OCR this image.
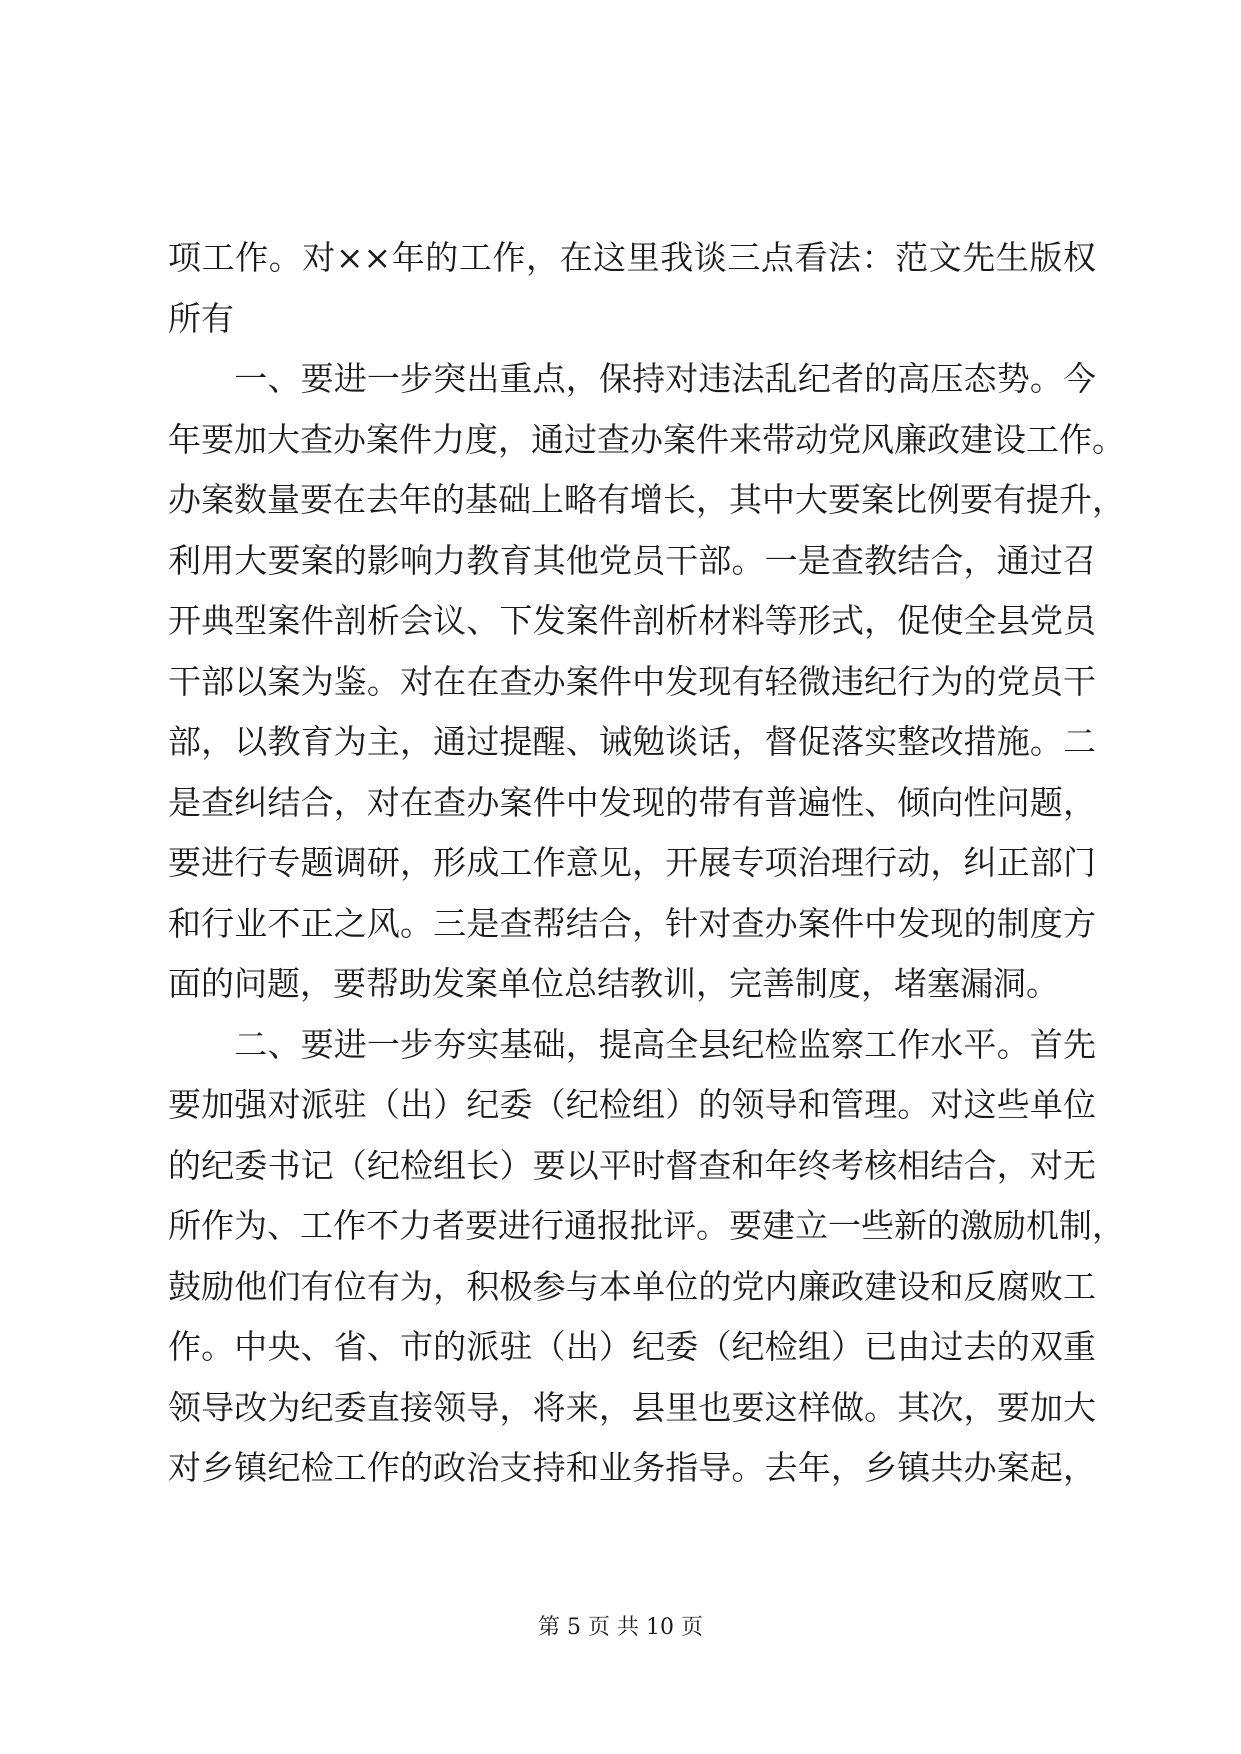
项工作。对××年的工作，在这里我谈三点看法：范文先生版权
所有
　　一、要进一步突出重点，保持对违法乱纪者的高压态势。今
年要加大查办案件力度，通过查办案件来带动党风廉政建设工作。
办案数量要在去年的基础上略有增长，其中大要案比例要有提升，
利用大要案的影响力教育其他党员干部。一是查教结合，通过召
开典型案件剖析会议、下发案件剖析材料等形式，促使全县党员
干部以案为鉴。对在在查办案件中发现有轻微违纪行为的党员干
部，以教育为主，通过提醒、诫勉谈话，督促落实整改措施。二
是查纠结合，对在查办案件中发现的带有普遍性、倾向性问题，
要进行专题调研，形成工作意见，开展专项治理行动，纠正部门
和行业不正之风。三是查帮结合，针对查办案件中发现的制度方
面的问题，要帮助发案单位总结教训，完善制度，堵塞漏洞。
　　二、要进一步夯实基础，提高全县纪检监察工作水平。首先
要加强对派驻（出）纪委（纪检组）的领导和管理。对这些单位
的纪委书记（纪检组长）要以平时督查和年终考核相结合，对无
所作为、工作不力者要进行通报批评。要建立一些新的激励机制，
鼓励他们有位有为，积极参与本单位的党内廉政建设和反腐败工
作。中央、省、市的派驻（出）纪委（纪检组）已由过去的双重
领导改为纪委直接领导，将来，县里也要这样做。其次，要加大
对乡镇纪检工作的政治支持和业务指导。去年，乡镇共办案起，
第 5 页 共 10 页
